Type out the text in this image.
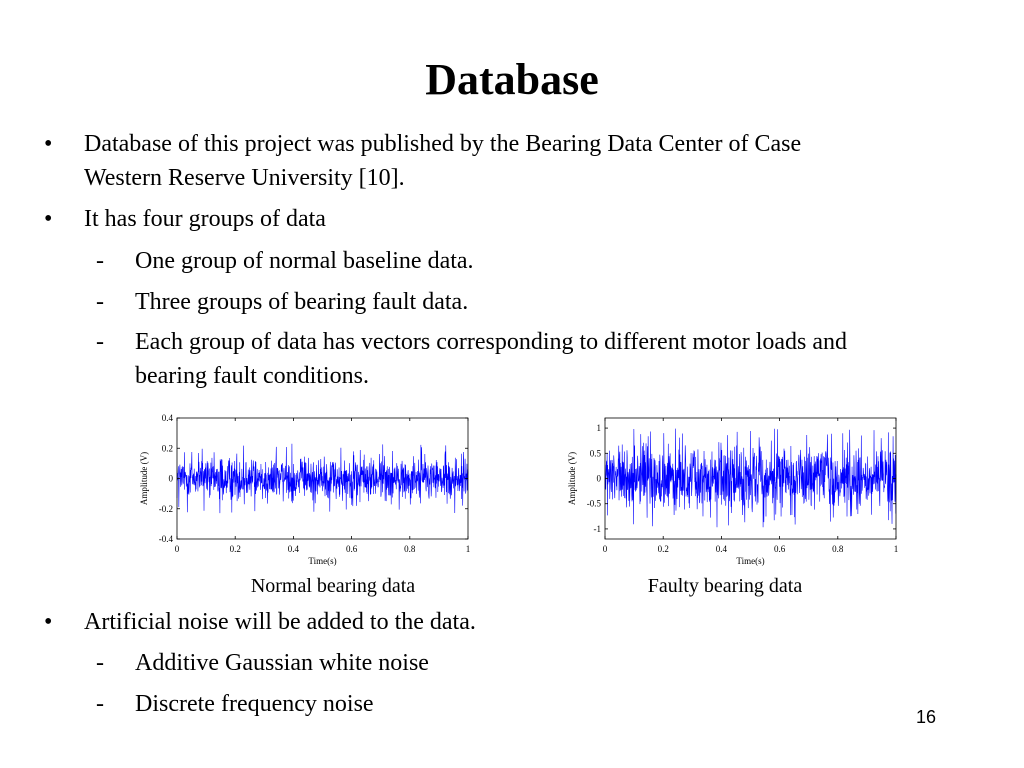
Database
• Database of this project was published by the Bearing Data Center of Case
Western Reserve University [10].
• It has four groups of data
- One group of normal baseline data.
- Three groups of bearing fault data.
- Each group of data has vectors corresponding to different motor loads and
bearing fault conditions.
0	0.2	0.4	0.6	0.8	1
0.4
0.2
0
-0.2
-0.4
Time(s)
Amplitude (V)
0	0.2	0.4	0.6	0.8	1
1
0.5
0
-0.5
-1
Time(s)
Amplitude (V)
Normal bearing data	Faulty bearing data
• Artificial noise will be added to the data.
- Additive Gaussian white noise
- Discrete frequency noise	16
